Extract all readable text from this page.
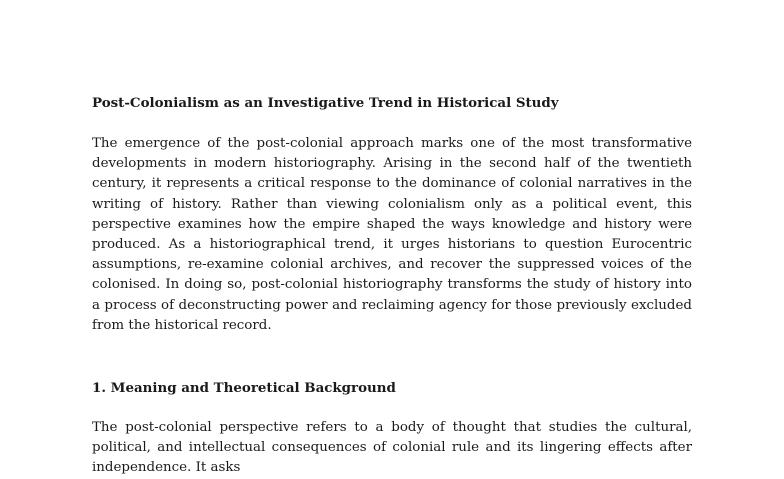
Post-Colonialism as an Investigative Trend in Historical Study

The emergence of the post-colonial approach marks one of the most transformative developments in modern historiography. Arising in the second half of the twentieth century, it represents a critical response to the dominance of colonial narratives in the writing of history. Rather than viewing colonialism only as a political event, this perspective examines how the empire shaped the ways knowledge and history were produced. As a historiographical trend, it urges historians to question Eurocentric assumptions, re-examine colonial archives, and recover the suppressed voices of the colonised. In doing so, post-colonial historiography transforms the study of history into a process of deconstructing power and reclaiming agency for those previously excluded from the historical record.

1. Meaning and Theoretical Background

The post-colonial perspective refers to a body of thought that studies the cultural, political, and intellectual consequences of colonial rule and its lingering effects after independence. It asks
